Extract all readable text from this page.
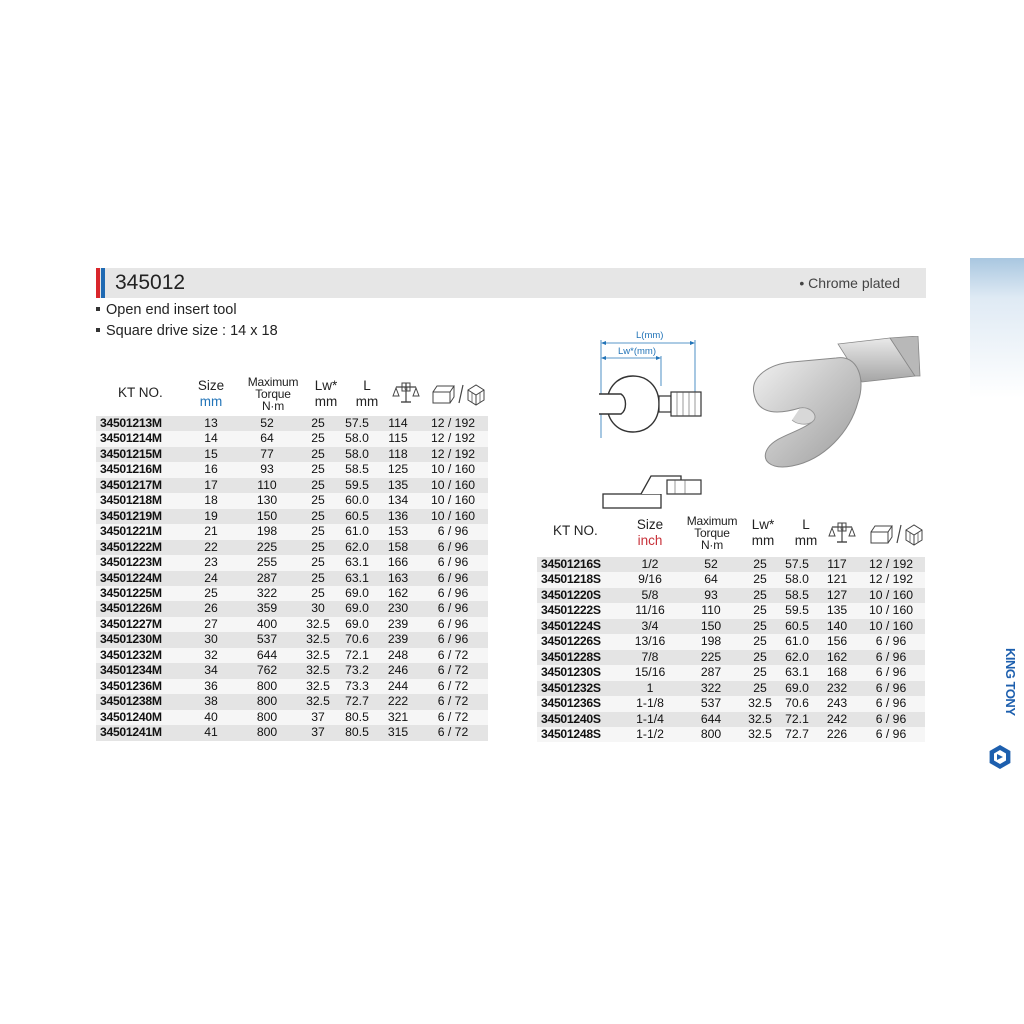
KING TONY
345012	• Chrome plated
Open end insert tool
Square drive size : 14 x 18
KT NO.	Size
mm
Maximum
Torque
N·m
Lw*
mm
L
mm
g
34501213M	13	52	25	57.5	114	12 / 192
34501214M	14	64	25	58.0	115	12 / 192
34501215M	15	77	25	58.0	118	12 / 192
34501216M	16	93	25	58.5	125	10 / 160
34501217M	17	110	25	59.5	135	10 / 160
34501218M	18	130	25	60.0	134	10 / 160
34501219M	19	150	25	60.5	136	10 / 160
34501221M	21	198	25	61.0	153	6 / 96
34501222M	22	225	25	62.0	158	6 / 96
34501223M	23	255	25	63.1	166	6 / 96
34501224M	24	287	25	63.1	163	6 / 96
34501225M	25	322	25	69.0	162	6 / 96
34501226M	26	359	30	69.0	230	6 / 96
34501227M	27	400	32.5	69.0	239	6 / 96
34501230M	30	537	32.5	70.6	239	6 / 96
34501232M	32	644	32.5	72.1	248	6 / 72
34501234M	34	762	32.5	73.2	246	6 / 72
34501236M	36	800	32.5	73.3	244	6 / 72
34501238M	38	800	32.5	72.7	222	6 / 72
34501240M	40	800	37	80.5	321	6 / 72
34501241M	41	800	37	80.5	315	6 / 72
L(mm)
Lw*(mm)
KT NO.	Size
inch
Maximum
Torque
N·m
Lw*
mm
L
mm
g
34501216S	1/2	52	25	57.5	117	12 / 192
34501218S	9/16	64	25	58.0	121	12 / 192
34501220S	5/8	93	25	58.5	127	10 / 160
34501222S	11/16	110	25	59.5	135	10 / 160
34501224S	3/4	150	25	60.5	140	10 / 160
34501226S	13/16	198	25	61.0	156	6 / 96
34501228S	7/8	225	25	62.0	162	6 / 96
34501230S	15/16	287	25	63.1	168	6 / 96
34501232S	1	322	25	69.0	232	6 / 96
34501236S	1-1/8	537	32.5	70.6	243	6 / 96
34501240S	1-1/4	644	32.5	72.1	242	6 / 96
34501248S	1-1/2	800	32.5	72.7	226	6 / 96
